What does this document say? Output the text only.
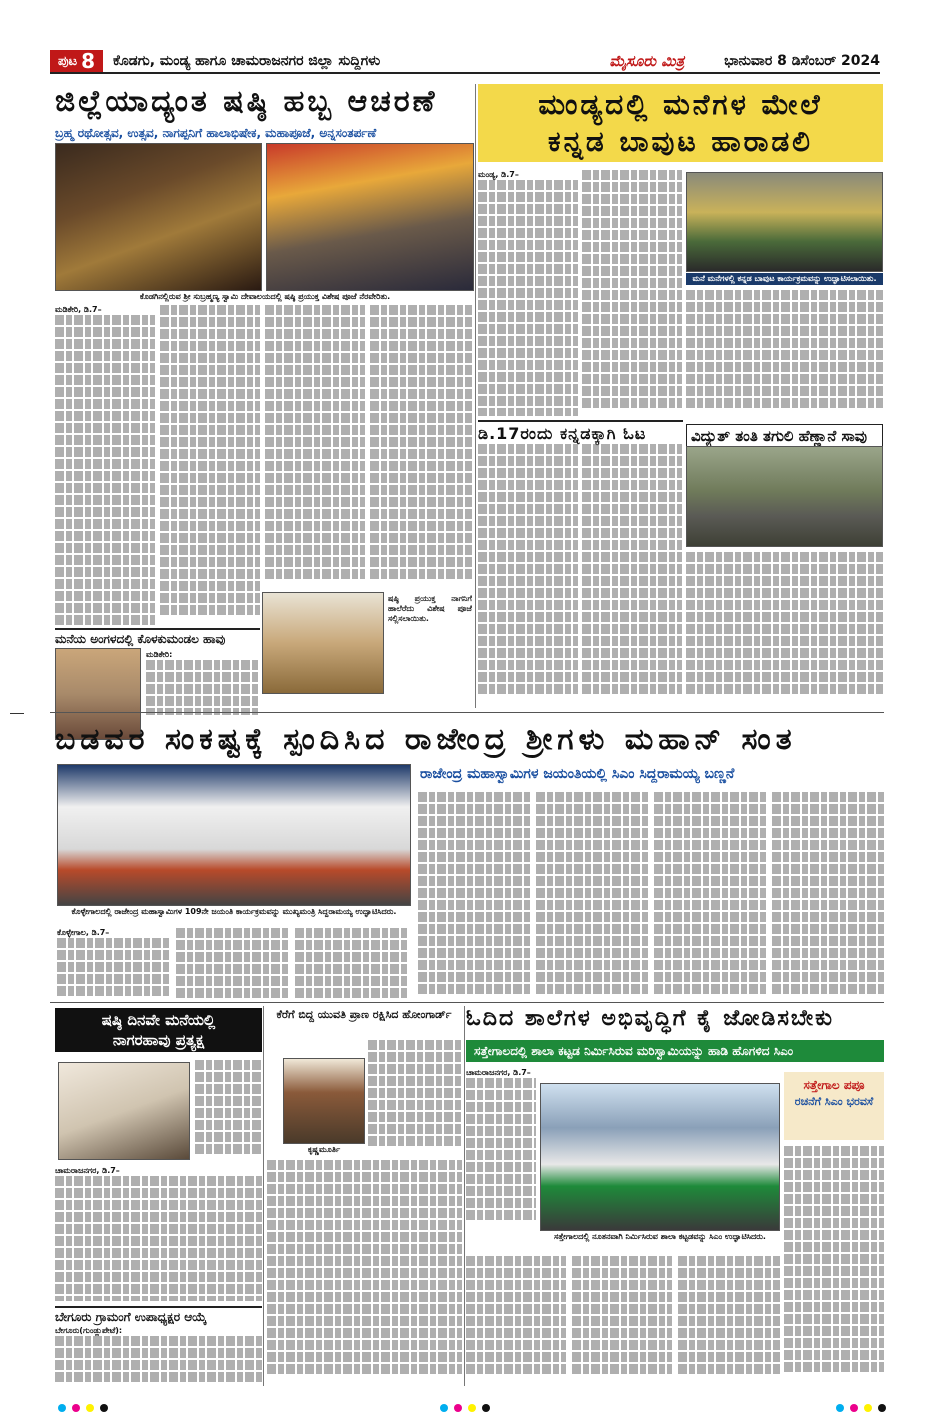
ಪುಟ 8 ಕೊಡಗು, ಮಂಡ್ಯ ಹಾಗೂ ಚಾಮರಾಜನಗರ ಜಿಲ್ಲಾ ಸುದ್ದಿಗಳು	ಮೈಸೂರು ಮಿತ್ರ	ಭಾನುವಾರ 8 ಡಿಸೆಂಬರ್ 2024
ಜಿಲ್ಲೆಯಾದ್ಯಂತ ಷಷ್ಠಿ ಹಬ್ಬ ಆಚರಣೆ
ಬ್ರಹ್ಮ ರಥೋತ್ಸವ, ಉತ್ಸವ, ನಾಗಪ್ಪನಿಗೆ ಹಾಲಾಭಿಷೇಕ, ಮಹಾಪೂಜೆ, ಅನ್ನಸಂತರ್ಪಣೆ
ಕೊಡಗಿನಲ್ಲಿರುವ ಶ್ರೀ ಸುಬ್ರಹ್ಮಣ್ಯ ಸ್ವಾಮಿ ದೇವಾಲಯದಲ್ಲಿ ಷಷ್ಠಿ ಪ್ರಯುಕ್ತ ವಿಶೇಷ ಪೂಜೆ ನೆರವೇರಿತು.
ಮಡಿಕೇರಿ, ಡಿ.7–
ಮನೆಯ ಅಂಗಳದಲ್ಲಿ ಕೊಳಕುಮಂಡಲ ಹಾವು
ಮಡಿಕೇರಿ:
ಷಷ್ಠಿ ಪ್ರಯುಕ್ತ ನಾಗನಿಗೆ ಹಾಲೆರೆದು ವಿಶೇಷ ಪೂಜೆ ಸಲ್ಲಿಸಲಾಯಿತು.
ಮಂಡ್ಯದಲ್ಲಿ ಮನೆಗಳ ಮೇಲೆ
ಕನ್ನಡ ಬಾವುಟ ಹಾರಾಡಲಿ
ಮನೆ ಮನೆಗಳಲ್ಲಿ ಕನ್ನಡ ಬಾವುಟ ಕಾರ್ಯಕ್ರಮವನ್ನು ಉದ್ಘಾಟಿಸಲಾಯಿತು.
ಮಂಡ್ಯ, ಡಿ.7–
ಡಿ.17ರಂದು ಕನ್ನಡಕ್ಕಾಗಿ ಓಟ	ವಿದ್ಯುತ್ ತಂತಿ ತಗುಲಿ ಹೆಣ್ಣಾನೆ ಸಾವು
ಬಡವರ ಸಂಕಷ್ಟಕ್ಕೆ ಸ್ಪಂದಿಸಿದ ರಾಜೇಂದ್ರ ಶ್ರೀಗಳು ಮಹಾನ್ ಸಂತ
ರಾಜೇಂದ್ರ ಮಹಾಸ್ವಾಮಿಗಳ ಜಯಂತಿಯಲ್ಲಿ ಸಿಎಂ ಸಿದ್ದರಾಮಯ್ಯ ಬಣ್ಣನೆ
ಕೊಳ್ಳೇಗಾಲದಲ್ಲಿ ರಾಜೇಂದ್ರ ಮಹಾಸ್ವಾಮಿಗಳ 109ನೇ ಜಯಂತಿ ಕಾರ್ಯಕ್ರಮವನ್ನು ಮುಖ್ಯಮಂತ್ರಿ ಸಿದ್ದರಾಮಯ್ಯ ಉದ್ಘಾಟಿಸಿದರು.
ಕೊಳ್ಳೇಗಾಲ, ಡಿ.7–
ಷಷ್ಠಿ ದಿನವೇ ಮನೆಯಲ್ಲಿ
ನಾಗರಹಾವು ಪ್ರತ್ಯಕ್ಷ
ಚಾಮರಾಜನಗರ, ಡಿ.7–
ಬೇಗೂರು ಗ್ರಾಮಂಗೆ ಉಪಾಧ್ಯಕ್ಷರ ಆಯ್ಕೆ
ಬೇಗೂರು(ಗುಂಡ್ಲುಪೇಟೆ):
ಕೆರೆಗೆ ಬಿದ್ದ ಯುವತಿ ಪ್ರಾಣ ರಕ್ಷಿಸಿದ ಹೋಂಗಾರ್ಡ್
ಕೃಷ್ಣಮೂರ್ತಿ
ಓದಿದ ಶಾಲೆಗಳ ಅಭಿವೃದ್ಧಿಗೆ ಕೈ ಜೋಡಿಸಬೇಕು
ಸತ್ತೇಗಾಲದಲ್ಲಿ ಶಾಲಾ ಕಟ್ಟಡ ನಿರ್ಮಿಸಿರುವ ಮರಿಸ್ವಾಮಿಯನ್ನು ಹಾಡಿ ಹೊಗಳಿದ ಸಿಎಂ
ಚಾಮರಾಜನಗರ, ಡಿ.7–
ಸತ್ತೇಗಾಲದಲ್ಲಿ ನೂತನವಾಗಿ ನಿರ್ಮಿಸಿರುವ ಶಾಲಾ ಕಟ್ಟಡವನ್ನು ಸಿಎಂ ಉದ್ಘಾಟಿಸಿದರು.
ಸತ್ತೇಗಾಲ ಪಪೂ
ರಚನೆಗೆ ಸಿಎಂ ಭರವಸೆ
